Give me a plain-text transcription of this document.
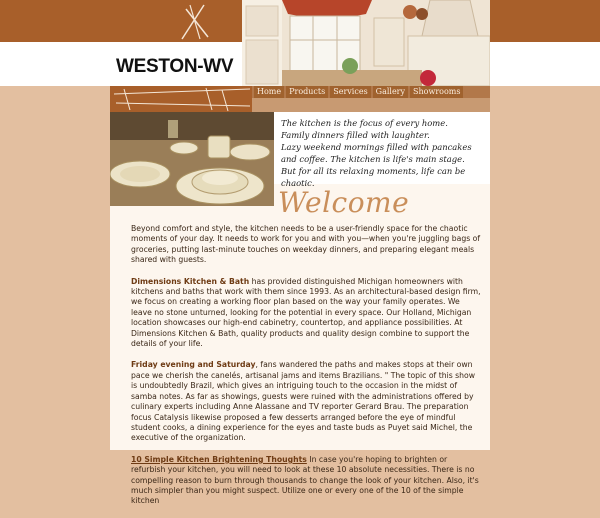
WESTON-WV
Home	Products	Services	Gallery	Showrooms
The kitchen is the focus of every home.
Family dinners filled with laughter.
Lazy weekend mornings filled with pancakes
and coffee. The kitchen is life's main stage.
But for all its relaxing moments, life can be chaotic.
Welcome

Beyond comfort and style, the kitchen needs to be a user-friendly space for the chaotic moments of your day. It needs to work for you and with you—when you're juggling bags of groceries, putting last-minute touches on weekday dinners, and preparing elegant meals shared with guests.

Dimensions Kitchen & Bath has provided distinguished Michigan homeowners with kitchens and baths that work with them since 1993. As an architectural-based design firm, we focus on creating a working floor plan based on the way your family operates. We leave no stone unturned, looking for the potential in every space. Our Holland, Michigan location showcases our high-end cabinetry, countertop, and appliance possibilities. At Dimensions Kitchen & Bath, quality products and quality design combine to support the details of your life.

Friday evening and Saturday, fans wandered the paths and makes stops at their own pace we cherish the canelés, artisanal jams and items Brazilians. " The topic of this show is undoubtedly Brazil, which gives an intriguing touch to the occasion in the midst of samba notes. As far as showings, guests were ruined with the administrations offered by culinary experts including Anne Alassane and TV reporter Gerard Brau. The preparation focus Catalysis likewise proposed a few desserts arranged before the eye of mindful student cooks, a dining experience for the eyes and taste buds as Puyet said Michel, the executive of the organization.

10 Simple Kitchen Brightening Thoughts In case you're hoping to brighten or refurbish your kitchen, you will need to look at these 10 absolute necessities. There is no compelling reason to burn through thousands to change the look of your kitchen. Also, it's much simpler than you might suspect. Utilize one or every one of the 10 of the simple kitchen
